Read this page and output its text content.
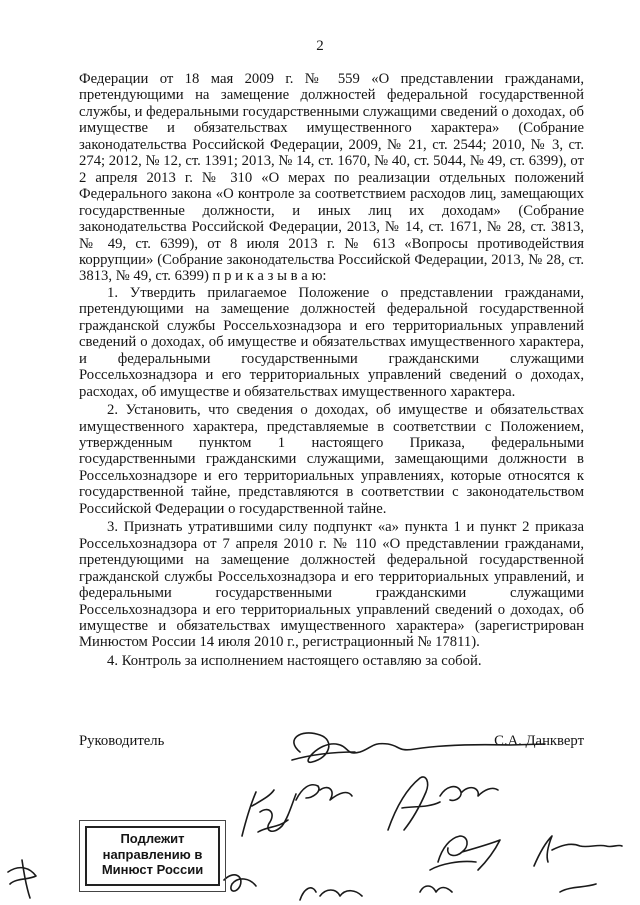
2

Федерации от 18 мая 2009 г. № 559 «О представлении гражданами, претендующими на замещение должностей федеральной государственной службы, и федеральными государственными служащими сведений о доходах, об имуществе и обязательствах имущественного характера» (Собрание законодательства Российской Федерации, 2009, № 21, ст. 2544; 2010, № 3, ст. 274; 2012, № 12, ст. 1391; 2013, № 14, ст. 1670, № 40, ст. 5044, № 49, ст. 6399), от 2 апреля 2013 г. № 310 «О мерах по реализации отдельных положений Федерального закона «О контроле за соответствием расходов лиц, замещающих государственные должности, и иных лиц их доходам» (Собрание законодательства Российской Федерации, 2013, № 14, ст. 1671, № 28, ст. 3813, № 49, ст. 6399), от 8 июля 2013 г. № 613 «Вопросы противодействия коррупции» (Собрание законодательства Российской Федерации, 2013, № 28, ст. 3813, № 49, ст. 6399) п р и к а з ы в а ю:

1. Утвердить прилагаемое Положение о представлении гражданами, претендующими на замещение должностей федеральной государственной гражданской службы Россельхознадзора и его территориальных управлений сведений о доходах, об имуществе и обязательствах имущественного характера, и федеральными государственными гражданскими служащими Россельхознадзора и его территориальных управлений сведений о доходах, расходах, об имуществе и обязательствах имущественного характера.

2. Установить, что сведения о доходах, об имуществе и обязательствах имущественного характера, представляемые в соответствии с Положением, утвержденным пунктом 1 настоящего Приказа, федеральными государственными гражданскими служащими, замещающими должности в Россельхознадзоре и его территориальных управлениях, которые относятся к государственной тайне, представляются в соответствии с законодательством Российской Федерации о государственной тайне.

3. Признать утратившими силу подпункт «а» пункта 1 и пункт 2 приказа Россельхознадзора от 7 апреля 2010 г. № 110 «О представлении гражданами, претендующими на замещение должностей федеральной государственной гражданской службы Россельхознадзора и его территориальных управлений, и федеральными государственными гражданскими служащими Россельхознадзора и его территориальных управлений сведений о доходах, об имуществе и обязательствах имущественного характера» (зарегистрирован Минюстом России 14 июля 2010 г., регистрационный № 17811).

4. Контроль за исполнением настоящего оставляю за собой.

Руководитель	С.А. Данкверт
Подлежит
направлению в
Минюст России
